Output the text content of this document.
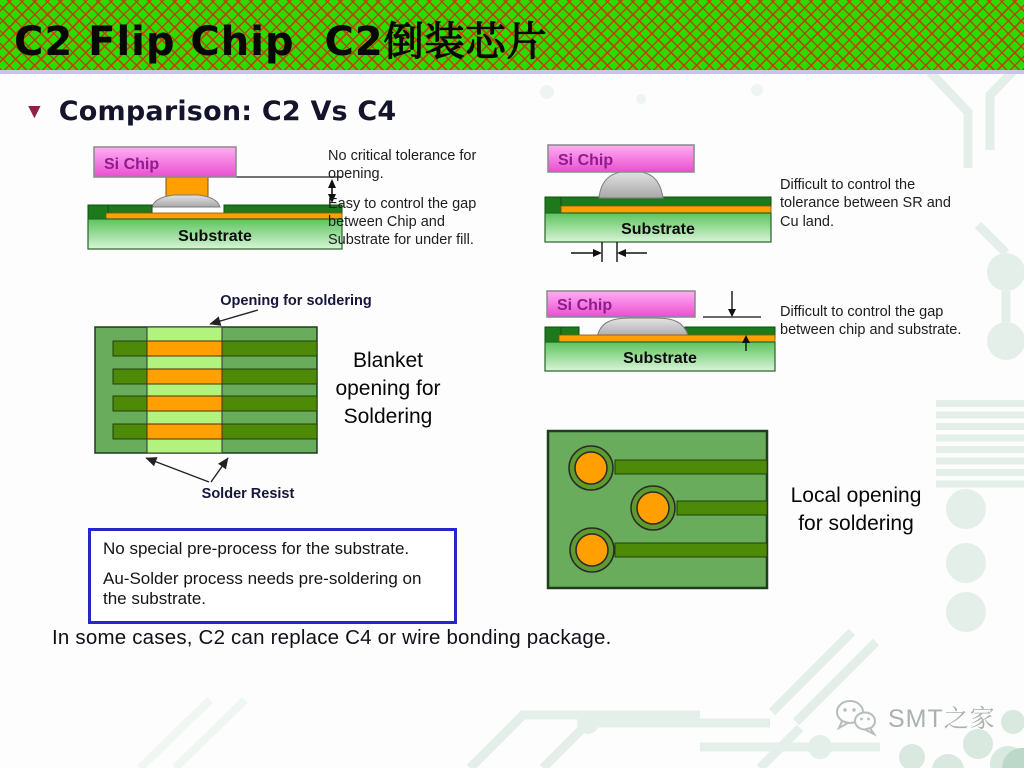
C2 Flip Chip  C2倒装芯片
▼ Comparison: C2 Vs C4
Substrate
Si Chip	No critical tolerance for opening.

Easy to control the gap between Chip and Substrate for under fill.

Substrate
Si Chip

Difficult to control the tolerance between SR and Cu land.

Opening for soldering
Solder Resist
Blanket opening for Soldering
Substrate
Si Chip	Difficult to control the gap between chip and substrate.

Local opening for soldering

No special pre-process for the substrate.

Au-Solder process needs pre-soldering on the substrate.

In some cases, C2 can replace C4 or wire bonding package.
SMT之家
